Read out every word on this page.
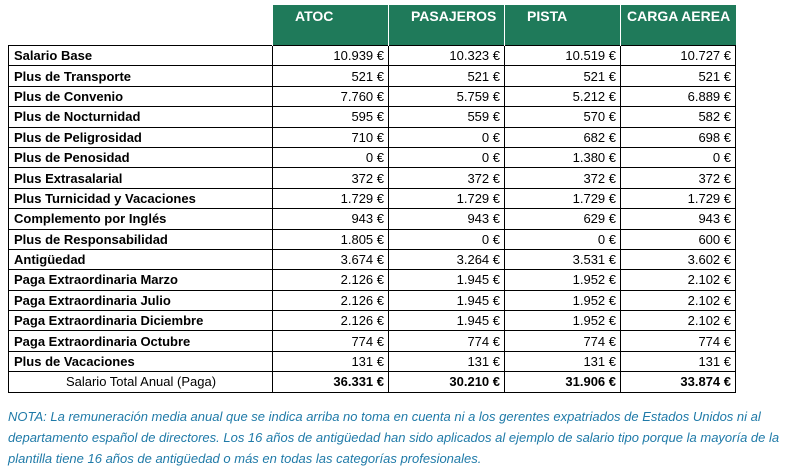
	ATOC	PASAJEROS	PISTA	CARGA AEREA
Salario Base	10.939 €	10.323 €	10.519 €	10.727 €
Plus de Transporte	521 €	521 €	521 €	521 €
Plus de Convenio	7.760 €	5.759 €	5.212 €	6.889 €
Plus de Nocturnidad	595 €	559 €	570 €	582 €
Plus de Peligrosidad	710 €	0 €	682 €	698 €
Plus de Penosidad	0 €	0 €	1.380 €	0 €
Plus Extrasalarial	372 €	372 €	372 €	372 €
Plus Turnicidad y Vacaciones	1.729 €	1.729 €	1.729 €	1.729 €
Complemento por Inglés	943 €	943 €	629 €	943 €
Plus de Responsabilidad	1.805 €	0 €	0 €	600 €
Antigüedad	3.674 €	3.264 €	3.531 €	3.602 €
Paga Extraordinaria Marzo	2.126 €	1.945 €	1.952 €	2.102 €
Paga Extraordinaria Julio	2.126 €	1.945 €	1.952 €	2.102 €
Paga Extraordinaria Diciembre	2.126 €	1.945 €	1.952 €	2.102 €
Paga Extraordinaria Octubre	774 €	774 €	774 €	774 €
Plus de Vacaciones	131 €	131 €	131 €	131 €
Salario Total Anual (Paga)	36.331 €	30.210 €	31.906 €	33.874 €
NOTA: La remuneración media anual que se indica arriba no toma en cuenta ni a los gerentes expatriados de Estados Unidos ni al departamento español de directores. Los 16 años de antigüedad han sido aplicados al ejemplo de salario tipo porque la mayoría de la plantilla tiene 16 años de antigüedad o más en todas las categorías profesionales.
